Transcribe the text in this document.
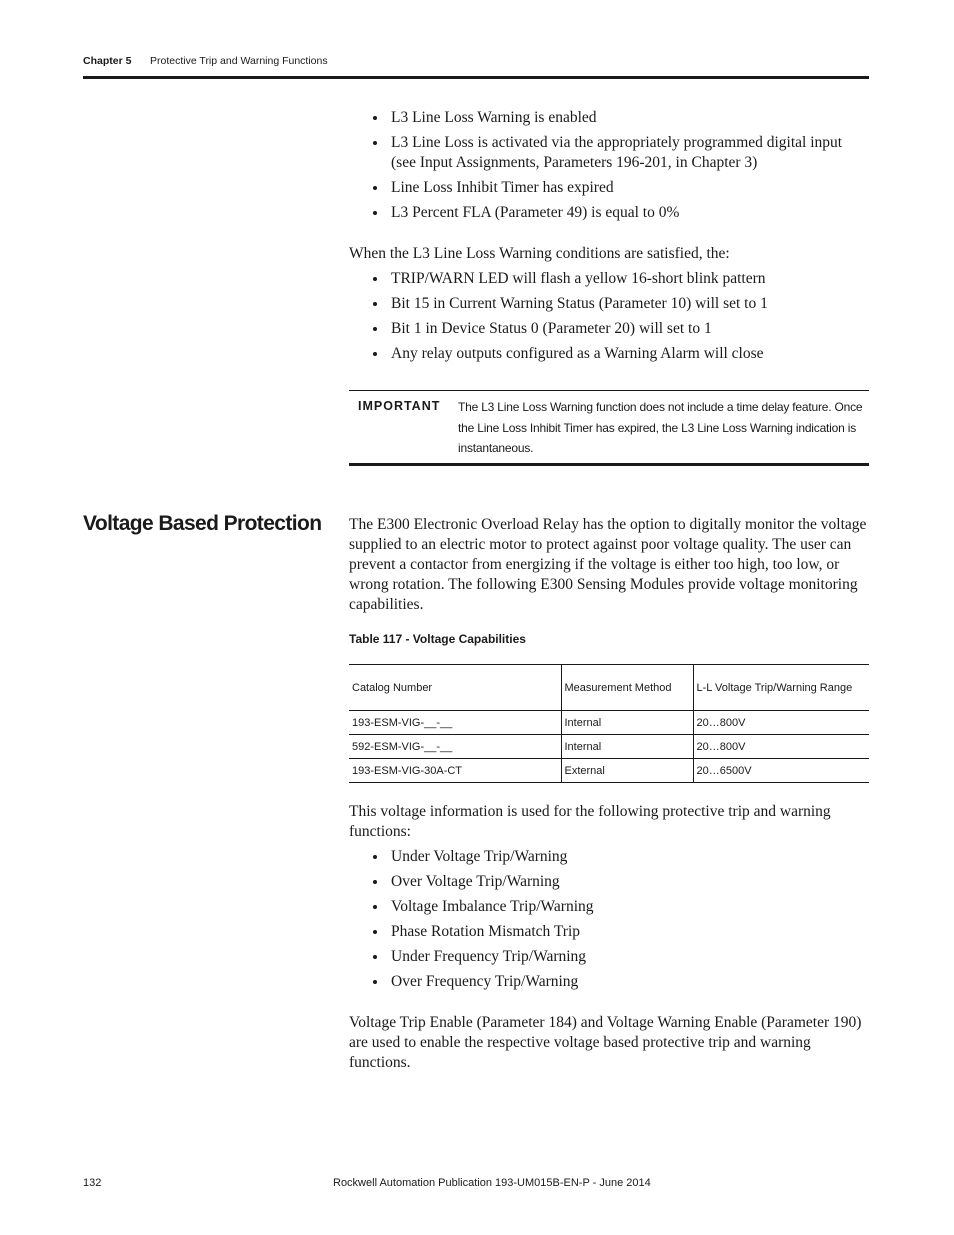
Chapter 5 Protective Trip and Warning Functions
L3 Line Loss Warning is enabled
L3 Line Loss is activated via the appropriately programmed digital input (see Input Assignments, Parameters 196-201, in Chapter 3)
Line Loss Inhibit Timer has expired
L3 Percent FLA (Parameter 49) is equal to 0%

When the L3 Line Loss Warning conditions are satisfied, the:

TRIP/WARN LED will flash a yellow 16-short blink pattern
Bit 15 in Current Warning Status (Parameter 10) will set to 1
Bit 1 in Device Status 0 (Parameter 20) will set to 1
Any relay outputs configured as a Warning Alarm will close
IMPORTANT The L3 Line Loss Warning function does not include a time delay feature. Once the Line Loss Inhibit Timer has expired, the L3 Line Loss Warning indication is instantaneous.
Voltage Based Protection The E300 Electronic Overload Relay has the option to digitally monitor the voltage supplied to an electric motor to protect against poor voltage quality. The user can prevent a contactor from energizing if the voltage is either too high, too low, or wrong rotation. The following E300 Sensing Modules provide voltage monitoring capabilities.

Table 117 - Voltage Capabilities
Catalog Number	Measurement Method	L-L Voltage Trip/Warning Range
193-ESM-VIG-__-__	Internal	20…800V
592-ESM-VIG-__-__	Internal	20…800V
193-ESM-VIG-30A-CT	External	20…6500V

This voltage information is used for the following protective trip and warning functions:

Under Voltage Trip/Warning
Over Voltage Trip/Warning
Voltage Imbalance Trip/Warning
Phase Rotation Mismatch Trip
Under Frequency Trip/Warning
Over Frequency Trip/Warning

Voltage Trip Enable (Parameter 184) and Voltage Warning Enable (Parameter 190) are used to enable the respective voltage based protective trip and warning functions.

132	Rockwell Automation Publication 193-UM015B-EN-P - June 2014
